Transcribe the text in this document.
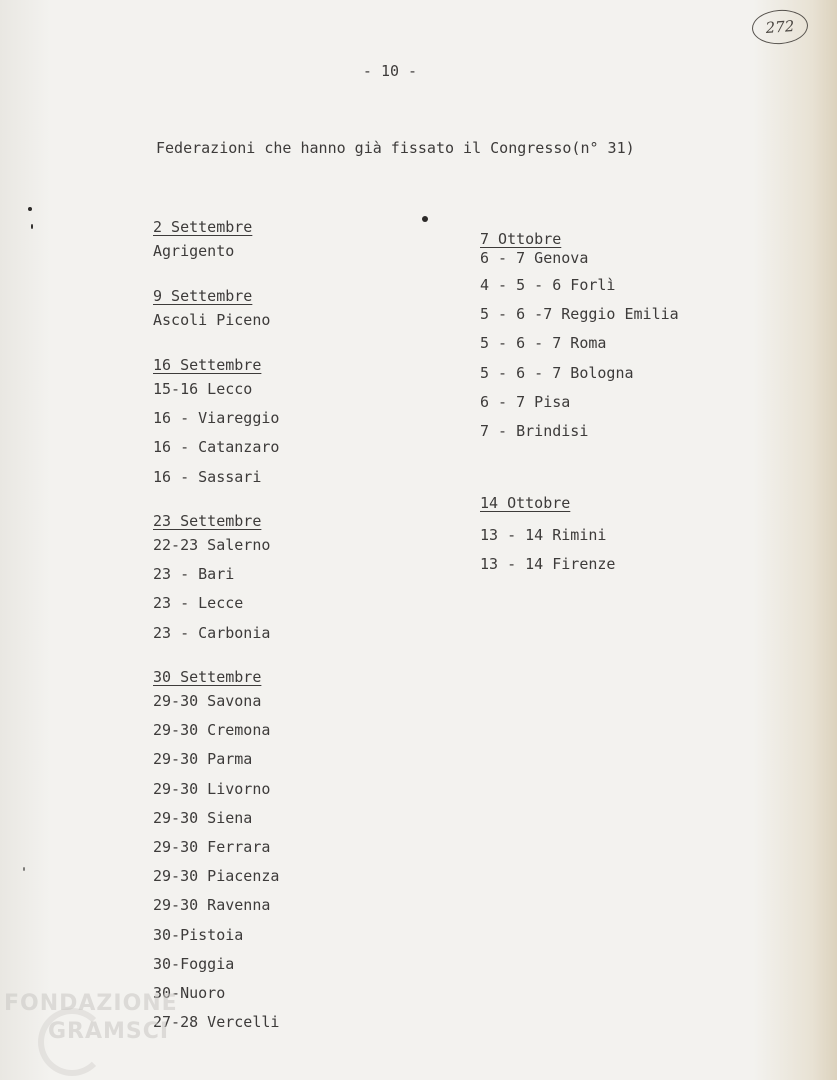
272
- 10 -
Federazioni che hanno già fissato il Congresso(n° 31)
2 Settembre
Agrigento
9 Settembre
Ascoli Piceno
16 Settembre
15-16 Lecco
16 - Viareggio
16 - Catanzaro
16 - Sassari
23 Settembre
22-23 Salerno
23 - Bari
23 - Lecce
23 - Carbonia
30 Settembre
29-30 Savona
29-30 Cremona
29-30 Parma
29-30 Livorno
29-30 Siena
29-30 Ferrara
29-30 Piacenza
29-30 Ravenna
30-Pistoia
30-Foggia
30-Nuoro
27-28 Vercelli
7 Ottobre
6 - 7 Genova
4 - 5 - 6 Forlì
5 - 6 -7 Reggio Emilia
5 - 6 - 7 Roma
5 - 6 - 7 Bologna
6 - 7 Pisa
7 - Brindisi
14 Ottobre
13 - 14 Rimini
13 - 14 Firenze
FONDAZIONE
GRAMSCI
